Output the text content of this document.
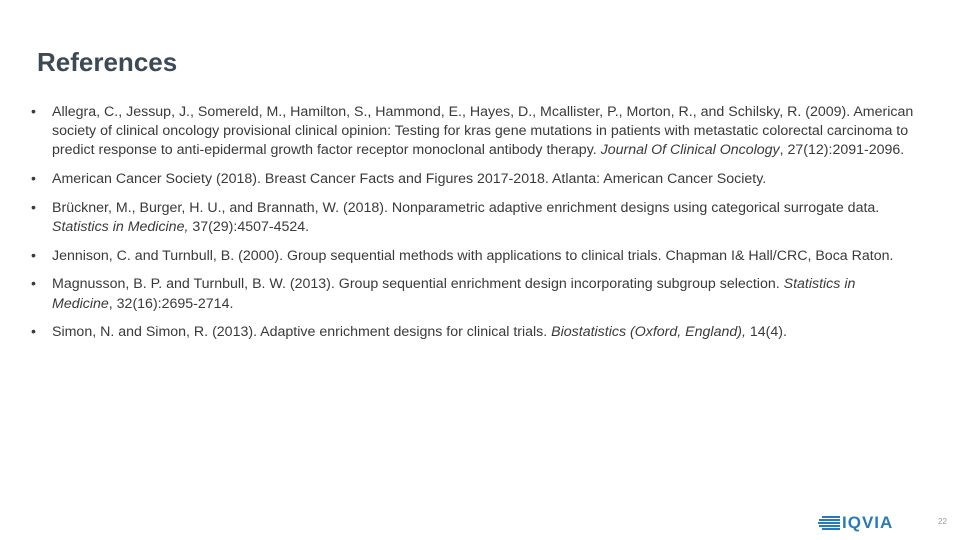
References
•
Allegra, C., Jessup, J., Somereld, M., Hamilton, S., Hammond, E., Hayes, D., Mcallister, P., Morton, R., and Schilsky, R. (2009). American society of clinical oncology provisional clinical opinion: Testing for kras gene mutations in patients with metastatic colorectal carcinoma to predict response to anti-epidermal growth factor receptor monoclonal antibody therapy. Journal Of Clinical Oncology, 27(12):2091-2096.
•
American Cancer Society (2018). Breast Cancer Facts and Figures 2017-2018. Atlanta: American Cancer Society.
•
Brückner, M., Burger, H. U., and Brannath, W. (2018). Nonparametric adaptive enrichment designs using categorical surrogate data. Statistics in Medicine, 37(29):4507-4524.
•
Jennison, C. and Turnbull, B. (2000). Group sequential methods with applications to clinical trials. Chapman I& Hall/CRC, Boca Raton.
•
Magnusson, B. P. and Turnbull, B. W. (2013). Group sequential enrichment design incorporating subgroup selection. Statistics in Medicine, 32(16):2695-2714.
•
Simon, N. and Simon, R. (2013). Adaptive enrichment designs for clinical trials. Biostatistics (Oxford, England), 14(4).
IQVIA	22
